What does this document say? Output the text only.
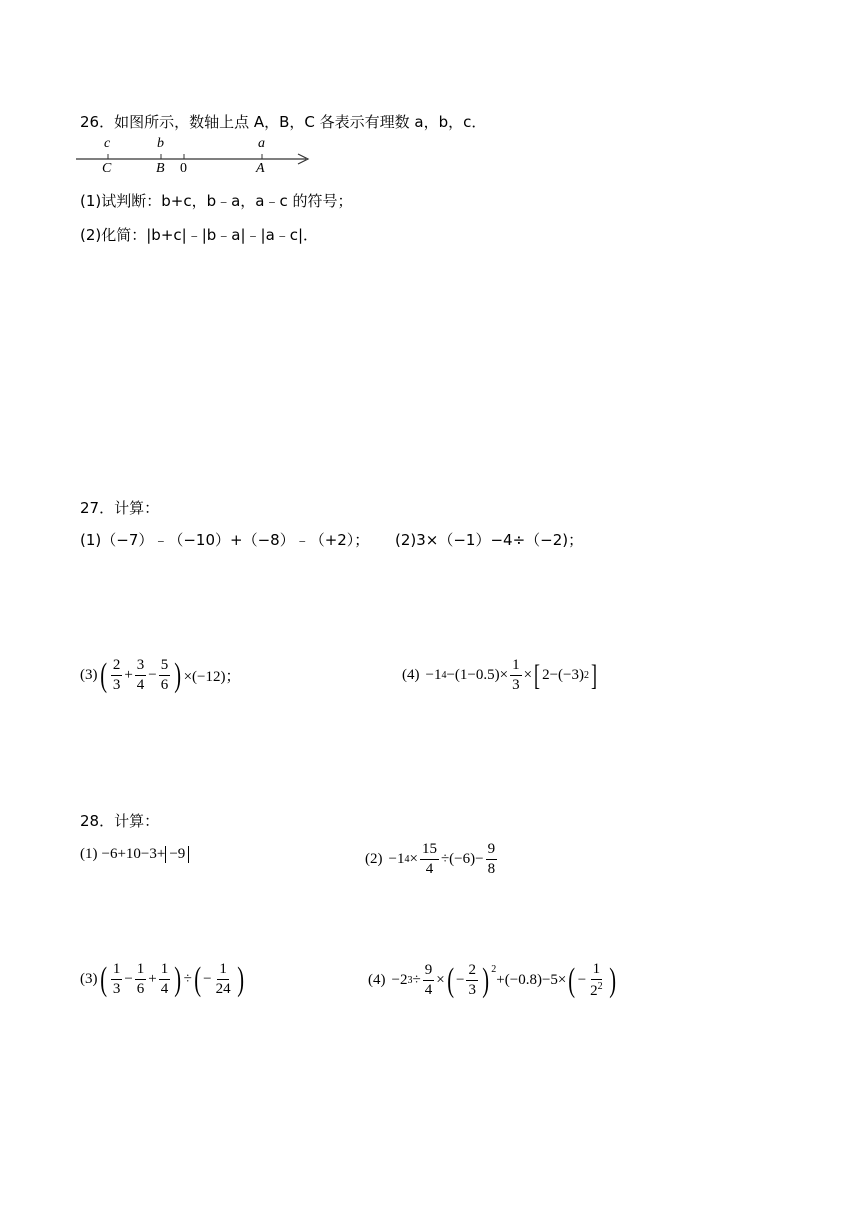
26．如图所示，数轴上点 A，B，C 各表示有理数 a，b，c．
c	b	a
C	B 0	A
(1)试判断：b+c，b﹣a，a﹣c 的符号；
(2)化简：|b+c|﹣|b﹣a|﹣|a﹣c|．
27．计算：
(1)（−7）﹣（−10）+（−8）﹣（+2）； (2)3×（−1）−4÷（−2)；
(3) ( $\frac{2}{3} + \frac{3}{4} - \frac{5}{6}$ ) ×(−12)；	(4) −1 $4 -(1-0.5)\times \frac{1}{3}$ × [ 2−(−3) 2 ]
28．计算：
(1) −6+10−3+ −9	(2) −1 $4 \times \frac{15}{4} \div(-6)- \frac{9}{8}$
(3) ( $\frac{1}{3} - \frac{1}{6} + \frac{1}{4}$ ) ÷ ( − $\frac{1}{24}$ )	(4) −2 $3 \div \frac{9}{4}$ × ( − $\frac{2}{3} )^2$
+(−0.8)−5× ( − $\frac{1}{2^2}$ )
